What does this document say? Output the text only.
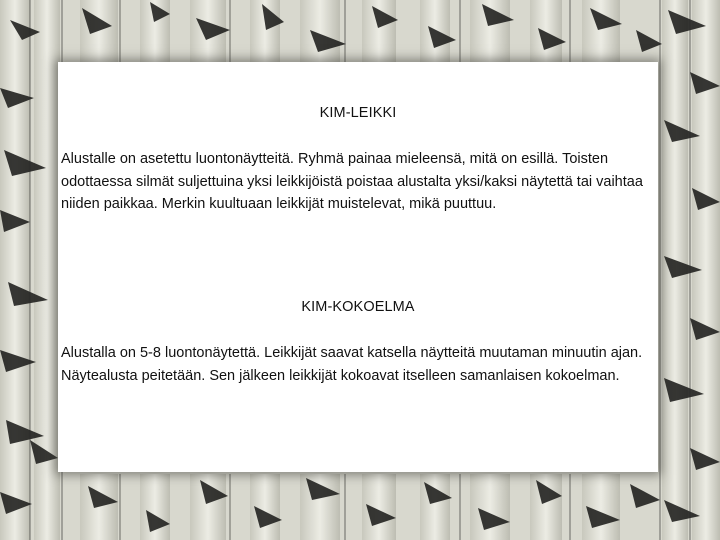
KIM-LEIKKI

Alustalle on asetettu luontonäytteitä. Ryhmä painaa mieleensä, mitä on esillä. Toisten odottaessa silmät suljettuina yksi leikkijöistä poistaa alustalta yksi/kaksi näytettä tai vaihtaa niiden paikkaa. Merkin kuultuaan leikkijät muistelevat, mikä puuttuu.

KIM-KOKOELMA

Alustalla on 5-8 luontonäytettä. Leikkijät saavat katsella näytteitä muutaman minuutin ajan. Näytealusta peitetään. Sen jälkeen leikkijät kokoavat itselleen samanlaisen kokoelman.
